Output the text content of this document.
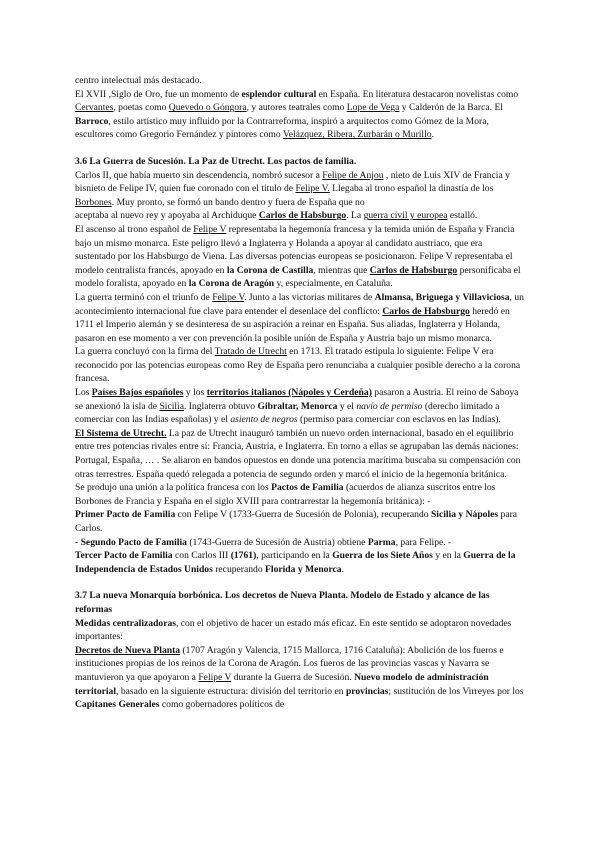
centro intelectual más destacado.

El XVII ,Siglo de Oro, fue un momento de esplendor cultural en España. En literatura destacaron novelistas como Cervantes, poetas como Quevedo o Góngora, y autores teatrales como Lope de Vega y Calderón de la Barca. El Barroco, estilo artístico muy influido por la Contrarreforma, inspiró a arquitectos como Gómez de la Mora, escultores como Gregorio Fernández y pintores como Velázquez, Ribera, Zurbarán o Murillo.

3.6 La Guerra de Sucesión. La Paz de Utrecht. Los pactos de familia.

Carlos II, que había muerto sin descendencia, nombró sucesor a Felipe de Anjou , nieto de Luis XIV de Francia y bisnieto de Felipe IV, quien fue coronado con el título de Felipe V. Llegaba al trono español la dinastía de los Borbones. Muy pronto, se formó un bando dentro y fuera de España que no

aceptaba al nuevo rey y apoyaba al Archiduque Carlos de Habsburgo. La guerra civil y europea estalló.

El ascenso al trono español de Felipe V representaba la hegemonía francesa y la temida unión de España y Francia bajo un mismo monarca. Este peligro llevó a Inglaterra y Holanda a apoyar al candidato austriaco, que era sustentado por los Habsburgo de Viena. Las diversas potencias europeas se posicionaron. Felipe V representaba el modelo centralista francés, apoyado en la Corona de Castilla, mientras que Carlos de Habsburgo personificaba el modelo foralista, apoyado en la Corona de Aragón y, especialmente, en Cataluña.

La guerra terminó con el triunfo de Felipe V. Junto a las victorias militares de Almansa, Briguega y Villaviciosa, un acontecimiento internacional fue clave para entender el desenlace del conflicto: Carlos de Habsburgo heredó en 1711 el Imperio alemán y se desinteresa de su aspiración a reinar en España. Sus aliadas, Inglaterra y Holanda, pasaron en ese momento a ver con prevención la posible unión de España y Austria bajo un mismo monarca.

La guerra concluyó con la firma del Tratado de Utrecht en 1713. El tratado estipula lo siguiente: Felipe V era reconocido por las potencias europeas como Rey de España pero renunciaba a cualquier posible derecho a la corona francesa.

Los Países Bajos españoles y los territorios italianos (Nápoles y Cerdeña) pasaron a Austria. El reino de Saboya se anexionó la isla de Sicilia. Inglaterra obtuvo Gibraltar, Menorca y el navío de permiso (derecho limitado a comerciar con las Indias españolas) y el asiento de negros (permiso para comerciar con esclavos en las Indias).

El Sistema de Utrecht. La paz de Utrecht inauguró también un nuevo orden internacional, basado en el equilibrio entre tres potencias rivales entre sí: Francia, Austria, e Inglaterra. En torno a ellas se agrupaban las demás naciones: Portugal, España, … . Se aliaron en bandos opuestos en donde una potencia marítima buscaba su compensación con otras terrestres. España quedó relegada a potencia de segundo orden y marcó el inicio de la hegemonía británica.

Se produjo una unión a la política francesa con los Pactos de Familia (acuerdos de alianza suscritos entre los Borbones de Francia y España en el siglo XVIII para contrarrestar la hegemonía británica): -
Primer Pacto de Familia con Felipe V (1733-Guerra de Sucesión de Polonia), recuperando Sicilia y Nápoles para Carlos.
- Segundo Pacto de Familia (1743-Guerra de Sucesión de Austria) obtiene Parma, para Felipe. -
Tercer Pacto de Familia con Carlos III (1761), participando en la Guerra de los Siete Años y en la Guerra de la Independencia de Estados Unidos recuperando Florida y Menorca.

3.7 La nueva Monarquía borbónica. Los decretos de Nueva Planta. Modelo de Estado y alcance de las reformas

Medidas centralizadoras, con el objetivo de hacer un estado más eficaz. En este sentido se adoptaron novedades importantes:

Decretos de Nueva Planta (1707 Aragón y Valencia, 1715 Mallorca, 1716 Cataluña): Abolición de los fueros e instituciones propias de los reinos de la Corona de Aragón. Los fueros de las provincias vascas y Navarra se mantuvieron ya que apoyaron a Felipe V durante la Guerra de Sucesión. Nuevo modelo de administración territorial, basado en la siguiente estructura: división del territorio en provincias; sustitución de los Virreyes por los Capitanes Generales como gobernadores políticos de
